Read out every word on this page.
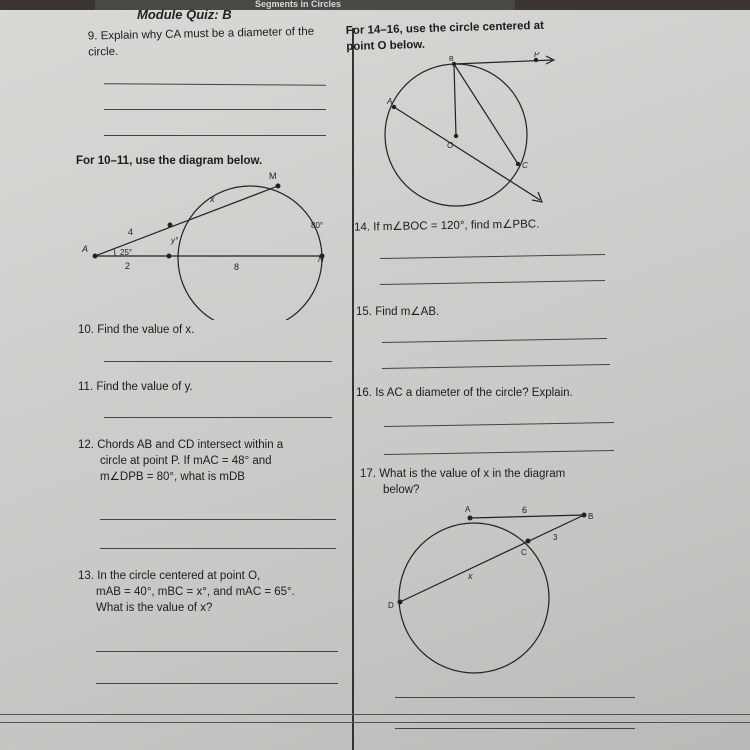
Segments in Circles
Module Quiz: B
9. Explain why CA must be a diameter of the circle.
For 10–11, use the diagram below.
M
x
80°
4
y°
A	25°
2	8
N
10. Find the value of x.
11. Find the value of y.
12. Chords AB and CD intersect within a
circle at point P. If mAC = 48° and
m∠DPB = 80°, what is mDB
13. In the circle centered at point O,
mAB = 40°, mBC = x°, and mAC = 65°.
What is the value of x?
For 14–16, use the circle centered at
point O below.
B
P
A
O
C
14. If m∠BOC = 120°, find m∠PBC.
15. Find m∠AB.
16. Is AC a diameter of the circle? Explain.
17. What is the value of x in the diagram
below?
A	6
B
3
C
x
D
